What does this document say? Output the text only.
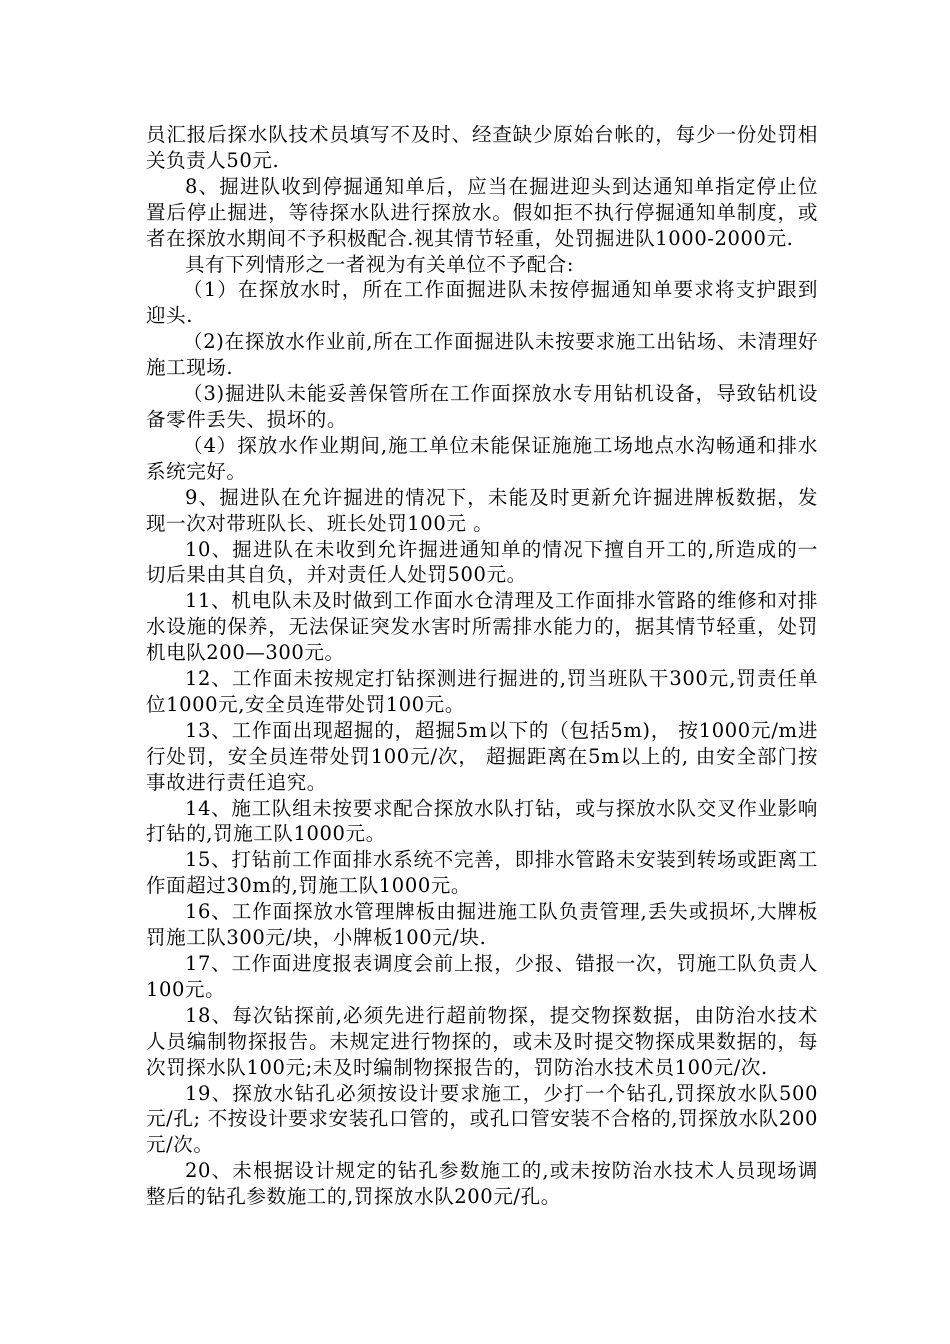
员汇报后探水队技术员填写不及时、经查缺少原始台帐的，每少一份处罚相关负责人50元.

8、掘进队收到停掘通知单后，应当在掘进迎头到达通知单指定停止位置后停止掘进，等待探水队进行探放水。假如拒不执行停掘通知单制度，或者在探放水期间不予积极配合.视其情节轻重，处罚掘进队1000-2000元.

具有下列情形之一者视为有关单位不予配合:

（1）在探放水时，所在工作面掘进队未按停掘通知单要求将支护跟到迎头.

（2)在探放水作业前,所在工作面掘进队未按要求施工出钻场、未清理好施工现场.

（3)掘进队未能妥善保管所在工作面探放水专用钻机设备，导致钻机设备零件丢失、损坏的。

（4）探放水作业期间,施工单位未能保证施施工场地点水沟畅通和排水系统完好。

9、掘进队在允许掘进的情况下，未能及时更新允许掘进牌板数据，发现一次对带班队长、班长处罚100元 。

10、掘进队在未收到允许掘进通知单的情况下擅自开工的,所造成的一切后果由其自负，并对责任人处罚500元。

11、机电队未及时做到工作面水仓清理及工作面排水管路的维修和对排水设施的保养，无法保证突发水害时所需排水能力的，据其情节轻重，处罚机电队200—300元。

12、工作面未按规定打钻探测进行掘进的,罚当班队干300元,罚责任单位1000元,安全员连带处罚100元。

13、工作面出现超掘的，超掘5m以下的（包括5m)， 按1000元/m进行处罚，安全员连带处罚100元/次， 超掘距离在5m以上的, 由安全部门按事故进行责任追究。

14、施工队组未按要求配合探放水队打钻，或与探放水队交叉作业影响打钻的,罚施工队1000元。

15、打钻前工作面排水系统不完善，即排水管路未安装到转场或距离工作面超过30m的,罚施工队1000元。

16、工作面探放水管理牌板由掘进施工队负责管理,丢失或损坏,大牌板罚施工队300元/块，小牌板100元/块.

17、工作面进度报表调度会前上报，少报、错报一次，罚施工队负责人100元。

18、每次钻探前,必须先进行超前物探，提交物探数据，由防治水技术人员编制物探报告。未规定进行物探的，或未及时提交物探成果数据的，每次罚探水队100元;未及时编制物探报告的，罚防治水技术员100元/次.

19、探放水钻孔必须按设计要求施工，少打一个钻孔,罚探放水队500元/孔; 不按设计要求安装孔口管的，或孔口管安装不合格的,罚探放水队200元/次。

20、未根据设计规定的钻孔参数施工的,或未按防治水技术人员现场调整后的钻孔参数施工的,罚探放水队200元/孔。
